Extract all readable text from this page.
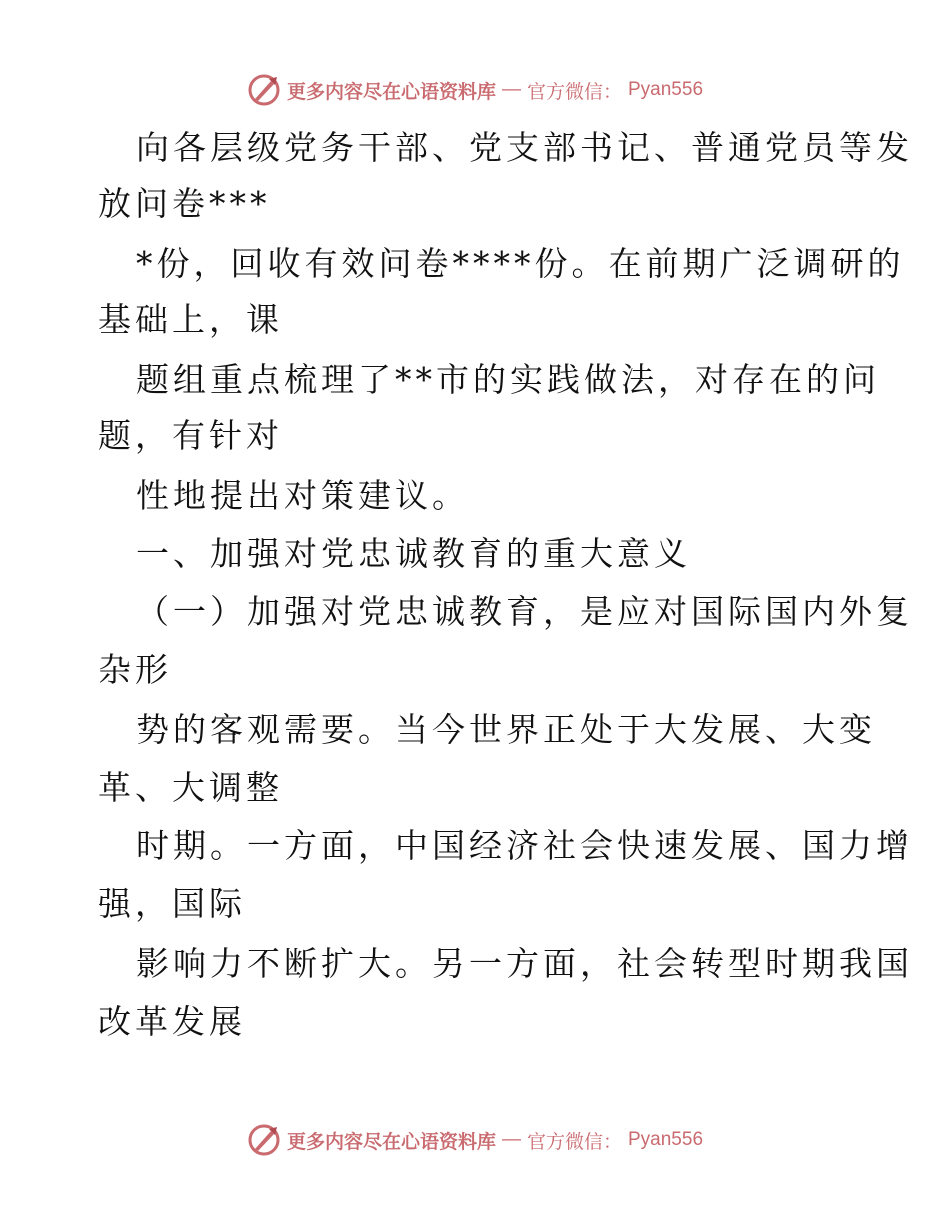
更多内容尽在心语资料库 — 官方微信： Pyan556
向各层级党务干部、党支部书记、普通党员等发
放问卷***
*份，回收有效问卷****份。在前期广泛调研的
基础上，课
题组重点梳理了**市的实践做法，对存在的问
题，有针对
性地提出对策建议。
一、加强对党忠诚教育的重大意义
（一）加强对党忠诚教育，是应对国际国内外复
杂形
势的客观需要。当今世界正处于大发展、大变
革、大调整
时期。一方面，中国经济社会快速发展、国力增
强，国际
影响力不断扩大。另一方面，社会转型时期我国
改革发展
更多内容尽在心语资料库 — 官方微信： Pyan556
